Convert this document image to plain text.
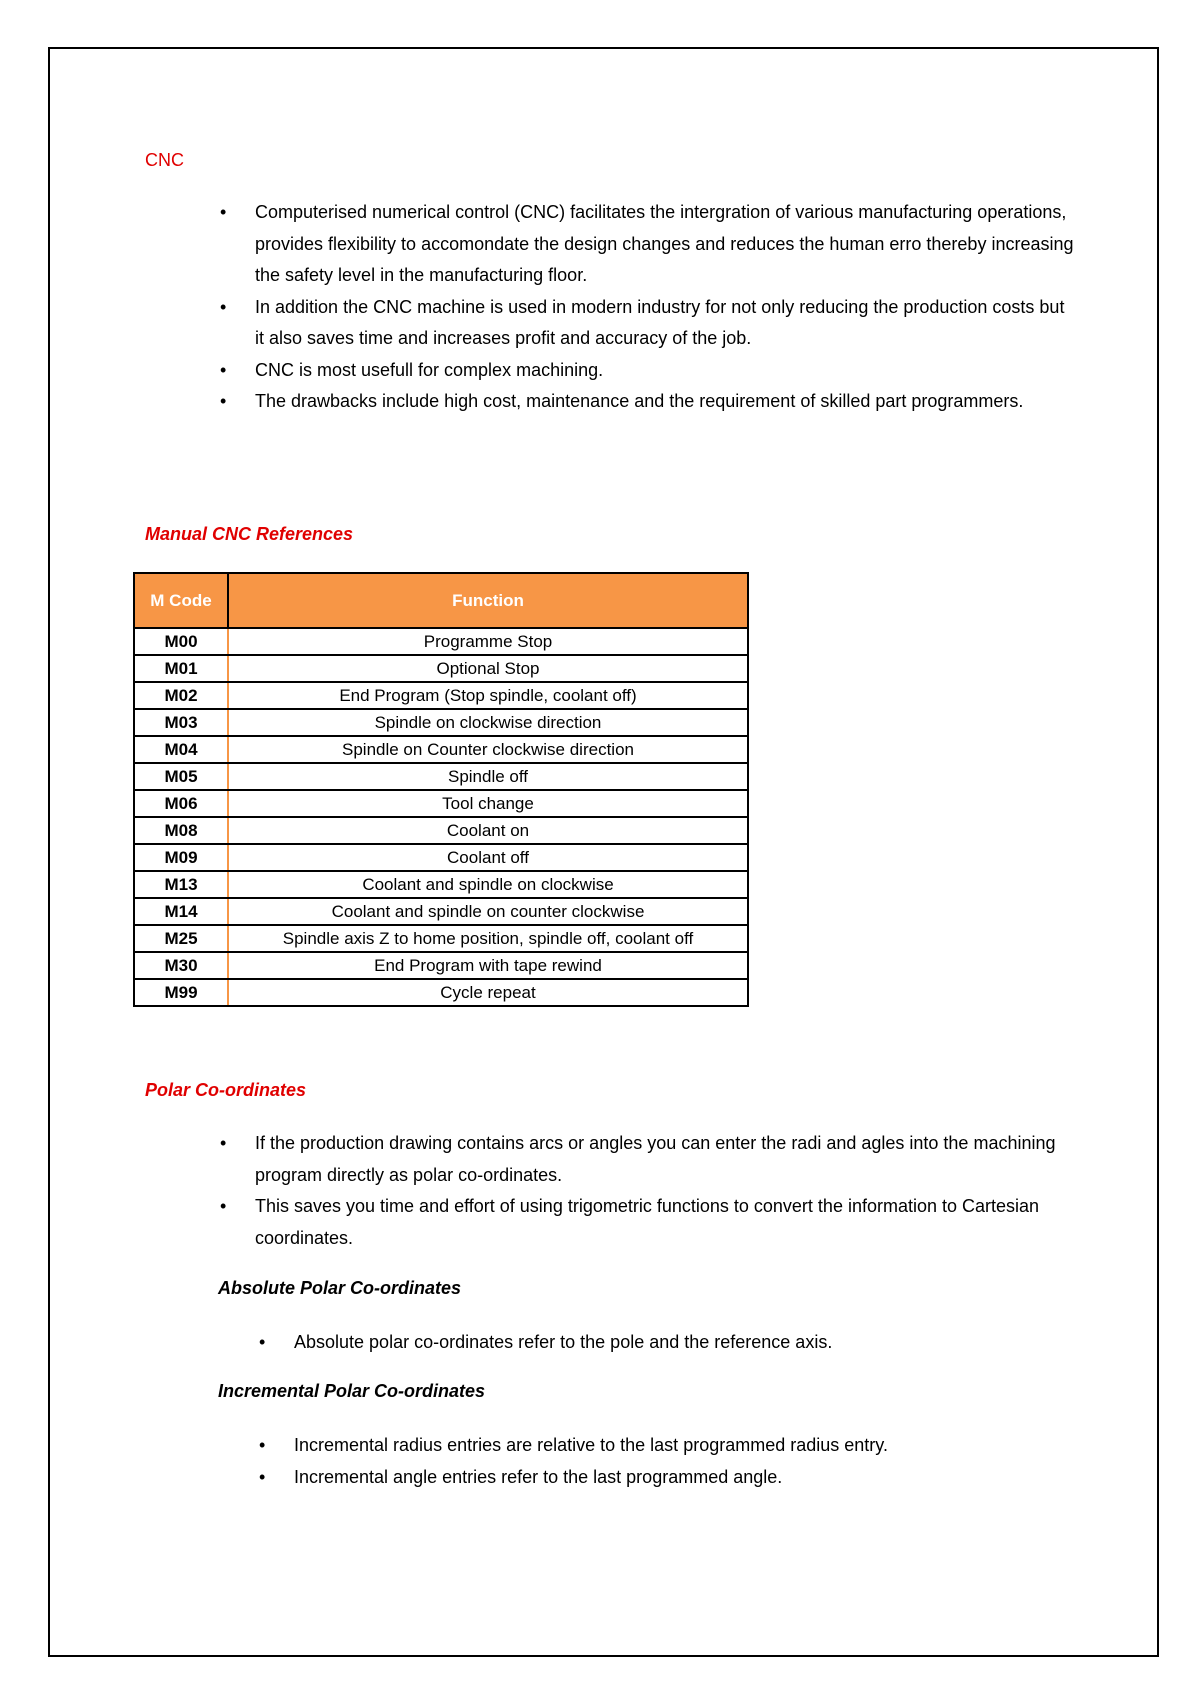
CNC
• Computerised numerical control (CNC) facilitates the intergration of various manufacturing operations, provides flexibility to accomondate the design changes and reduces the human erro thereby increasing the safety level in the manufacturing floor.
• In addition the CNC machine is used in modern industry for not only reducing the production costs but it also saves time and increases profit and accuracy of the job.
• CNC is most usefull for complex machining.
• The drawbacks include high cost, maintenance and the requirement of skilled part programmers.
Manual CNC References
M Code	Function
M00	Programme Stop
M01	Optional Stop
M02	End Program (Stop spindle, coolant off)
M03	Spindle on clockwise direction
M04	Spindle on Counter clockwise direction
M05	Spindle off
M06	Tool change
M08	Coolant on
M09	Coolant off
M13	Coolant and spindle on clockwise
M14	Coolant and spindle on counter clockwise
M25	Spindle axis Z to home position, spindle off, coolant off
M30	End Program with tape rewind
M99	Cycle repeat
Polar Co-ordinates
• If the production drawing contains arcs or angles you can enter the radi and agles into the machining program directly as polar co-ordinates.
• This saves you time and effort of using trigometric functions to convert the information to Cartesian coordinates.
Absolute Polar Co-ordinates
• Absolute polar co-ordinates refer to the pole and the reference axis.
Incremental Polar Co-ordinates
• Incremental radius entries are relative to the last programmed radius entry.
• Incremental angle entries refer to the last programmed angle.
